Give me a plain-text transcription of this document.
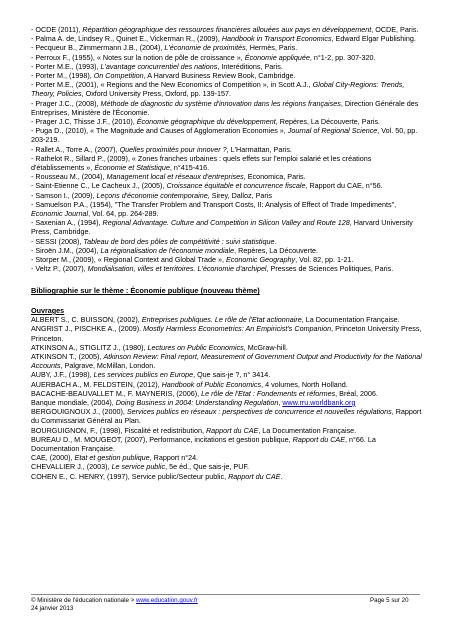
- OCDE (2011), Répartition géographique des ressources financières allouées aux pays en développement, OCDE, Paris.

- Palma A. de, Lindsey R., Quinet E., Vickerman R., (2009), Handbook in Transport Economics, Edward Elgar Publishing.

- Pecqueur B., Zimmermann J.B., (2004), L'économie de proximités, Hermès, Paris.

- Perroux F., (1955), « Notes sur la notion de pôle de croissance », Économie appliquée, n°1-2, pp. 307-320.

- Porter M.E., (1993), L'avantage concurrentiel des nations, Interéditions, Paris.

- Porter M., (1998), On Competition, A Harvard Business Review Book, Cambridge.

- Porter M.E., (2001), « Regions and the New Economics of Competition », in Scott A.J., Global City-Regions: Trends, Theory, Policies, Oxford University Press, Oxford, pp. 139-157.

- Prager J.C., (2008), Méthode de diagnostic du système d'innovation dans les régions françaises, Direction Générale des Entreprises, Ministère de l'Économie.

- Prager J.C, Thisse J.F., (2010), Économie géographique du développement, Repères, La Découverte, Paris.

- Puga D., (2010), « The Magnitude and Causes of Agglomeration Economies », Journal of Regional Science, Vol. 50, pp. 203-219.

- Rallet A., Torre A., (2007), Quelles proximités pour innover ?, L'Harmattan, Paris.

- Rathelot R., Sillard P., (2009), « Zones franches urbaines : quels effets sur l'emploi salarié et les créations d'établissements », Économie et Statistique, n°415-416.

- Rousseau M., (2004), Management local et réseaux d'entreprises, Economica, Paris.

- Saint-Etienne C., Le Cacheux J., (2005), Croissance équitable et concurrence fiscale, Rapport du CAE, n°56.

- Samson I., (2009), Leçons d'économie contemporaine, Sirey, Dalloz, Paris

- Samuelson P.A., (1954), "The Transfer Problem and Transport Costs, II: Analysis of Effect of Trade Impediments", Economic Journal, Vol. 64, pp. 264-289.

- Saxenian A., (1994), Regional Advantage. Culture and Competition in Silicon Valley and Route 128, Harvard University Press, Cambridge.

- SESSI (2008), Tableau de bord des pôles de compétitivité : suivi statistique.

- Siroën J.M., (2004), La régionalisation de l'économie mondiale, Repères, La Découverte.

- Storper M., (2009), « Regional Context and Global Trade », Economic Geography, Vol. 82, pp. 1-21.

- Veltz P., (2007), Mondialisation, villes et territoires. L'économie d'archipel, Presses de Sciences Politiques, Paris.

Bibliographie sur le thème : Économie publique (nouveau thème)
Ouvrages

ALBERT S., C. BUISSON, (2002), Entreprises publiques. Le rôle de l'Etat actionnaire, La Documentation Française.

ANGRIST J., PISCHKE A., (2009). Mostly Harmless Econometrics: An Empiricist's Companion, Princeton University Press, Princeton.

ATKINSON A., STIGLITZ J., (1980), Lectures on Public Economics, McGraw-hill.

ATKINSON T., (2005), Atkinson Review: Final report, Measurement of Government Output and Productivity for the National Accounts, Palgrave, McMillan, London.

AUBY, J.F., (1998), Les services publics en Europe, Que sais-je ?, n° 3414.

AUERBACH A., M. FELDSTEIN, (2012), Handbook of Public Economics, 4 volumes, North Holland.

BACACHE-BEAUVALLET M., F. MAYNERIS, (2006), Le rôle de l'Etat : Fondements et réformes, Bréal, 2006.

Banque mondiale, (2004), Doing Business in 2004: Understanding Regulation, www.rru.worldbank.org

BERGOUIGNOUX J., (2000), Services publics en réseaux : perspectives de concurrence et nouvelles régulations, Rapport du Commissariat Général au Plan.

BOURGUIGNON, F., (1998), Fiscalité et redistribution, Rapport du CAE, La Documentation Française.

BUREAU D., M. MOUGEOT, (2007), Performance, incitations et gestion publique, Rapport du CAE, n°66. La Documentation Française.

CAE, (2000), Etat et gestion publique, Rapport n°24.

CHEVALLIER J., (2003), Le service public, 5e éd., Que sais-je, PUF.

COHEN E., C. HENRY, (1997), Service public/Secteur public, Rapport du CAE.

© Ministère de l'éducation nationale > www.education.gouv.fr	Page 5 sur 20
24 janvier 2013
